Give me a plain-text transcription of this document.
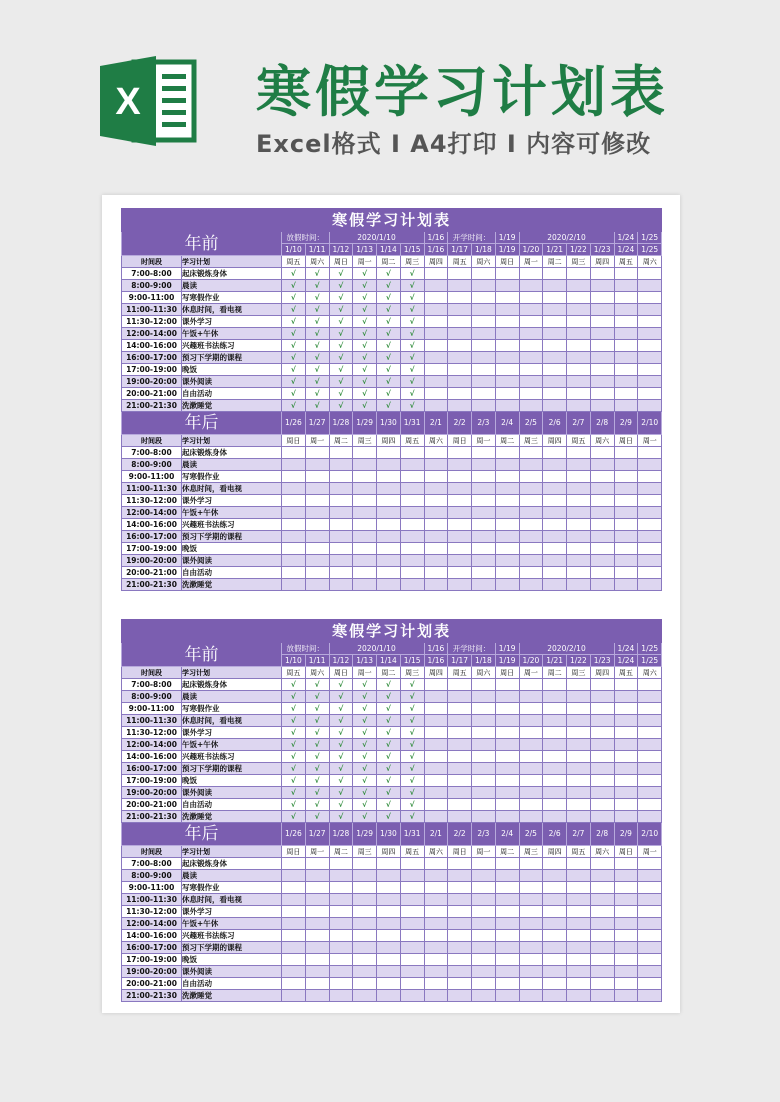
X 寒假学习计划表
Excel格式 Ⅰ A4打印 Ⅰ 内容可修改
寒假学习计划表																	
年前		放假时间：		2020/1/10				1/16	开学时间：		1/19	2020/2/10				1/24	1/25
		1/10	1/11	1/12	1/13	1/14	1/15	1/16	1/17	1/18	1/19	1/20	1/21	1/22	1/23	1/24	1/25
时间段	学习计划	周五	周六	周日	周一	周二	周三	周四	周五	周六	周日	周一	周二	周三	周四	周五	周六
7:00-8:00	起床锻炼身体	√	√	√	√	√	√										
8:00-9:00	晨读	√	√	√	√	√	√										
9:00-11:00	写寒假作业	√	√	√	√	√	√										
11:00-11:30	休息时间，看电视	√	√	√	√	√	√										
11:30-12:00	课外学习	√	√	√	√	√	√										
12:00-14:00	午饭+午休	√	√	√	√	√	√										
14:00-16:00	兴趣班书法练习	√	√	√	√	√	√										
16:00-17:00	预习下学期的课程	√	√	√	√	√	√										
17:00-19:00	晚饭	√	√	√	√	√	√										
19:00-20:00	课外阅读	√	√	√	√	√	√										
20:00-21:00	自由活动	√	√	√	√	√	√										
21:00-21:30	洗漱睡觉	√	√	√	√	√	√										
年后		1/26	1/27	1/28	1/29	1/30	1/31	2/1	2/2	2/3	2/4	2/5	2/6	2/7	2/8	2/9	2/10
时间段	学习计划	周日	周一	周二	周三	周四	周五	周六	周日	周一	周二	周三	周四	周五	周六	周日	周一
7:00-8:00	起床锻炼身体																
8:00-9:00	晨读																
9:00-11:00	写寒假作业																
11:00-11:30	休息时间，看电视																
11:30-12:00	课外学习																
12:00-14:00	午饭+午休																
14:00-16:00	兴趣班书法练习																
16:00-17:00	预习下学期的课程																
17:00-19:00	晚饭																
19:00-20:00	课外阅读																
20:00-21:00	自由活动																
21:00-21:30	洗漱睡觉																
寒假学习计划表																	
年前		放假时间：		2020/1/10				1/16	开学时间：		1/19	2020/2/10				1/24	1/25
		1/10	1/11	1/12	1/13	1/14	1/15	1/16	1/17	1/18	1/19	1/20	1/21	1/22	1/23	1/24	1/25
时间段	学习计划	周五	周六	周日	周一	周二	周三	周四	周五	周六	周日	周一	周二	周三	周四	周五	周六
7:00-8:00	起床锻炼身体	√	√	√	√	√	√										
8:00-9:00	晨读	√	√	√	√	√	√										
9:00-11:00	写寒假作业	√	√	√	√	√	√										
11:00-11:30	休息时间，看电视	√	√	√	√	√	√										
11:30-12:00	课外学习	√	√	√	√	√	√										
12:00-14:00	午饭+午休	√	√	√	√	√	√										
14:00-16:00	兴趣班书法练习	√	√	√	√	√	√										
16:00-17:00	预习下学期的课程	√	√	√	√	√	√										
17:00-19:00	晚饭	√	√	√	√	√	√										
19:00-20:00	课外阅读	√	√	√	√	√	√										
20:00-21:00	自由活动	√	√	√	√	√	√										
21:00-21:30	洗漱睡觉	√	√	√	√	√	√										
年后		1/26	1/27	1/28	1/29	1/30	1/31	2/1	2/2	2/3	2/4	2/5	2/6	2/7	2/8	2/9	2/10
时间段	学习计划	周日	周一	周二	周三	周四	周五	周六	周日	周一	周二	周三	周四	周五	周六	周日	周一
7:00-8:00	起床锻炼身体																
8:00-9:00	晨读																
9:00-11:00	写寒假作业																
11:00-11:30	休息时间，看电视																
11:30-12:00	课外学习																
12:00-14:00	午饭+午休																
14:00-16:00	兴趣班书法练习																
16:00-17:00	预习下学期的课程																
17:00-19:00	晚饭																
19:00-20:00	课外阅读																
20:00-21:00	自由活动																
21:00-21:30	洗漱睡觉																
